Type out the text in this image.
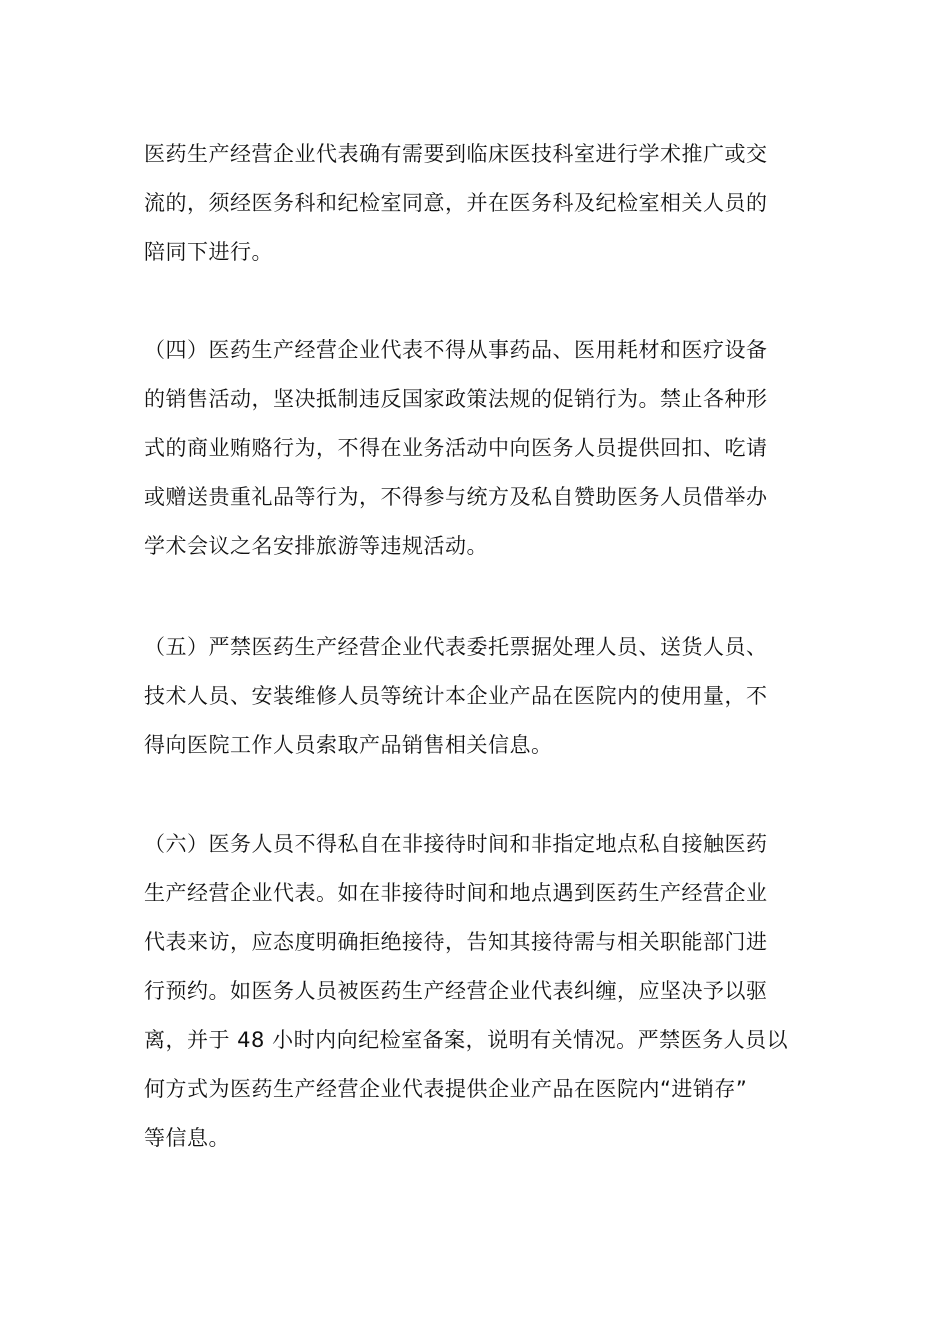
医药生产经营企业代表确有需要到临床医技科室进行学术推广或交
流的，须经医务科和纪检室同意，并在医务科及纪检室相关人员的
陪同下进行。
（四）医药生产经营企业代表不得从事药品、医用耗材和医疗设备
的销售活动，坚决抵制违反国家政策法规的促销行为。禁止各种形
式的商业贿赂行为，不得在业务活动中向医务人员提供回扣、吃请
或赠送贵重礼品等行为，不得参与统方及私自赞助医务人员借举办
学术会议之名安排旅游等违规活动。
（五）严禁医药生产经营企业代表委托票据处理人员、送货人员、
技术人员、安装维修人员等统计本企业产品在医院内的使用量，不
得向医院工作人员索取产品销售相关信息。
（六）医务人员不得私自在非接待时间和非指定地点私自接触医药
生产经营企业代表。如在非接待时间和地点遇到医药生产经营企业
代表来访，应态度明确拒绝接待，告知其接待需与相关职能部门进
行预约。如医务人员被医药生产经营企业代表纠缠，应坚决予以驱
离，并于 48 小时内向纪检室备案，说明有关情况。严禁医务人员以
何方式为医药生产经营企业代表提供企业产品在医院内“进销存”
等信息。
